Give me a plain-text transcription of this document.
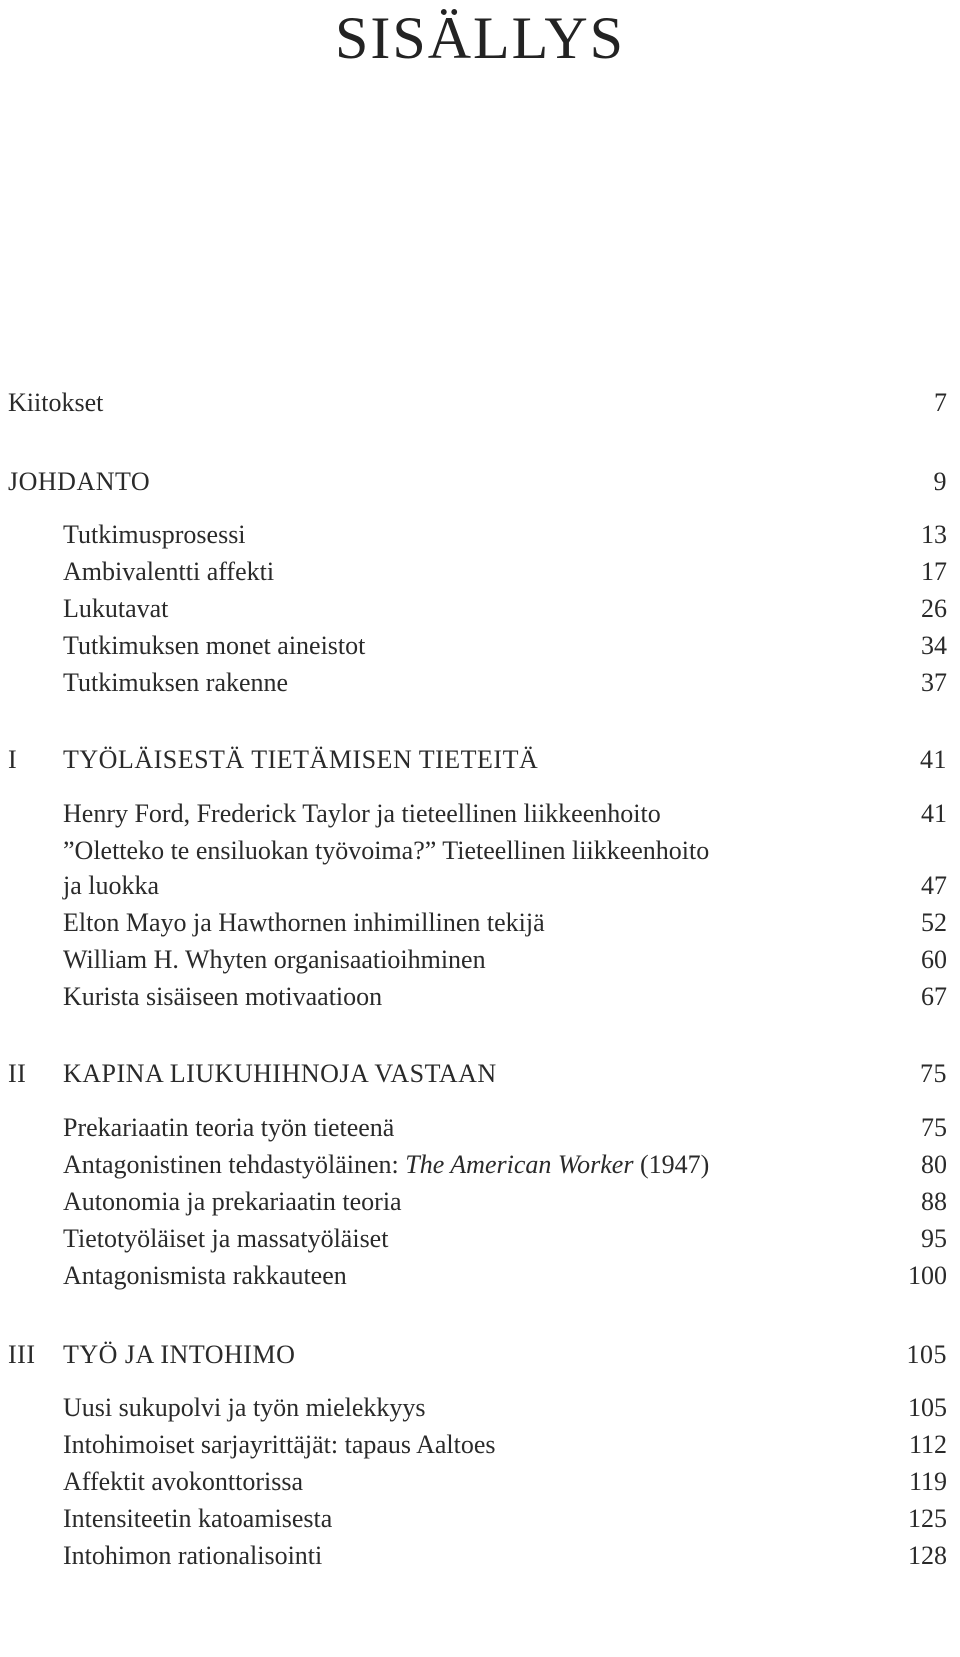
SISÄLLYS
Kiitokset	7
JOHDANTO	9
Tutkimusprosessi	13
Ambivalentti affekti	17
Lukutavat	26
Tutkimuksen monet aineistot	34
Tutkimuksen rakenne	37
I TYÖLÄISESTÄ TIETÄMISEN TIETEITÄ	41
Henry Ford, Frederick Taylor ja tieteellinen liikkeenhoito	41
”Oletteko te ensiluokan työvoima?” Tieteellinen liikkeenhoito
ja luokka	47
Elton Mayo ja Hawthornen inhimillinen tekijä	52
William H. Whyten organisaatioihminen	60
Kurista sisäiseen motivaatioon	67
II KAPINA LIUKUHIHNOJA VASTAAN	75
Prekariaatin teoria työn tieteenä	75
Antagonistinen tehdastyöläinen: The American Worker (1947)	80
Autonomia ja prekariaatin teoria	88
Tietotyöläiset ja massatyöläiset	95
Antagonismista rakkauteen	100
III TYÖ JA INTOHIMO	105
Uusi sukupolvi ja työn mielekkyys	105
Intohimoiset sarjayrittäjät: tapaus Aaltoes	112
Affektit avokonttorissa	119
Intensiteetin katoamisesta	125
Intohimon rationalisointi	128
